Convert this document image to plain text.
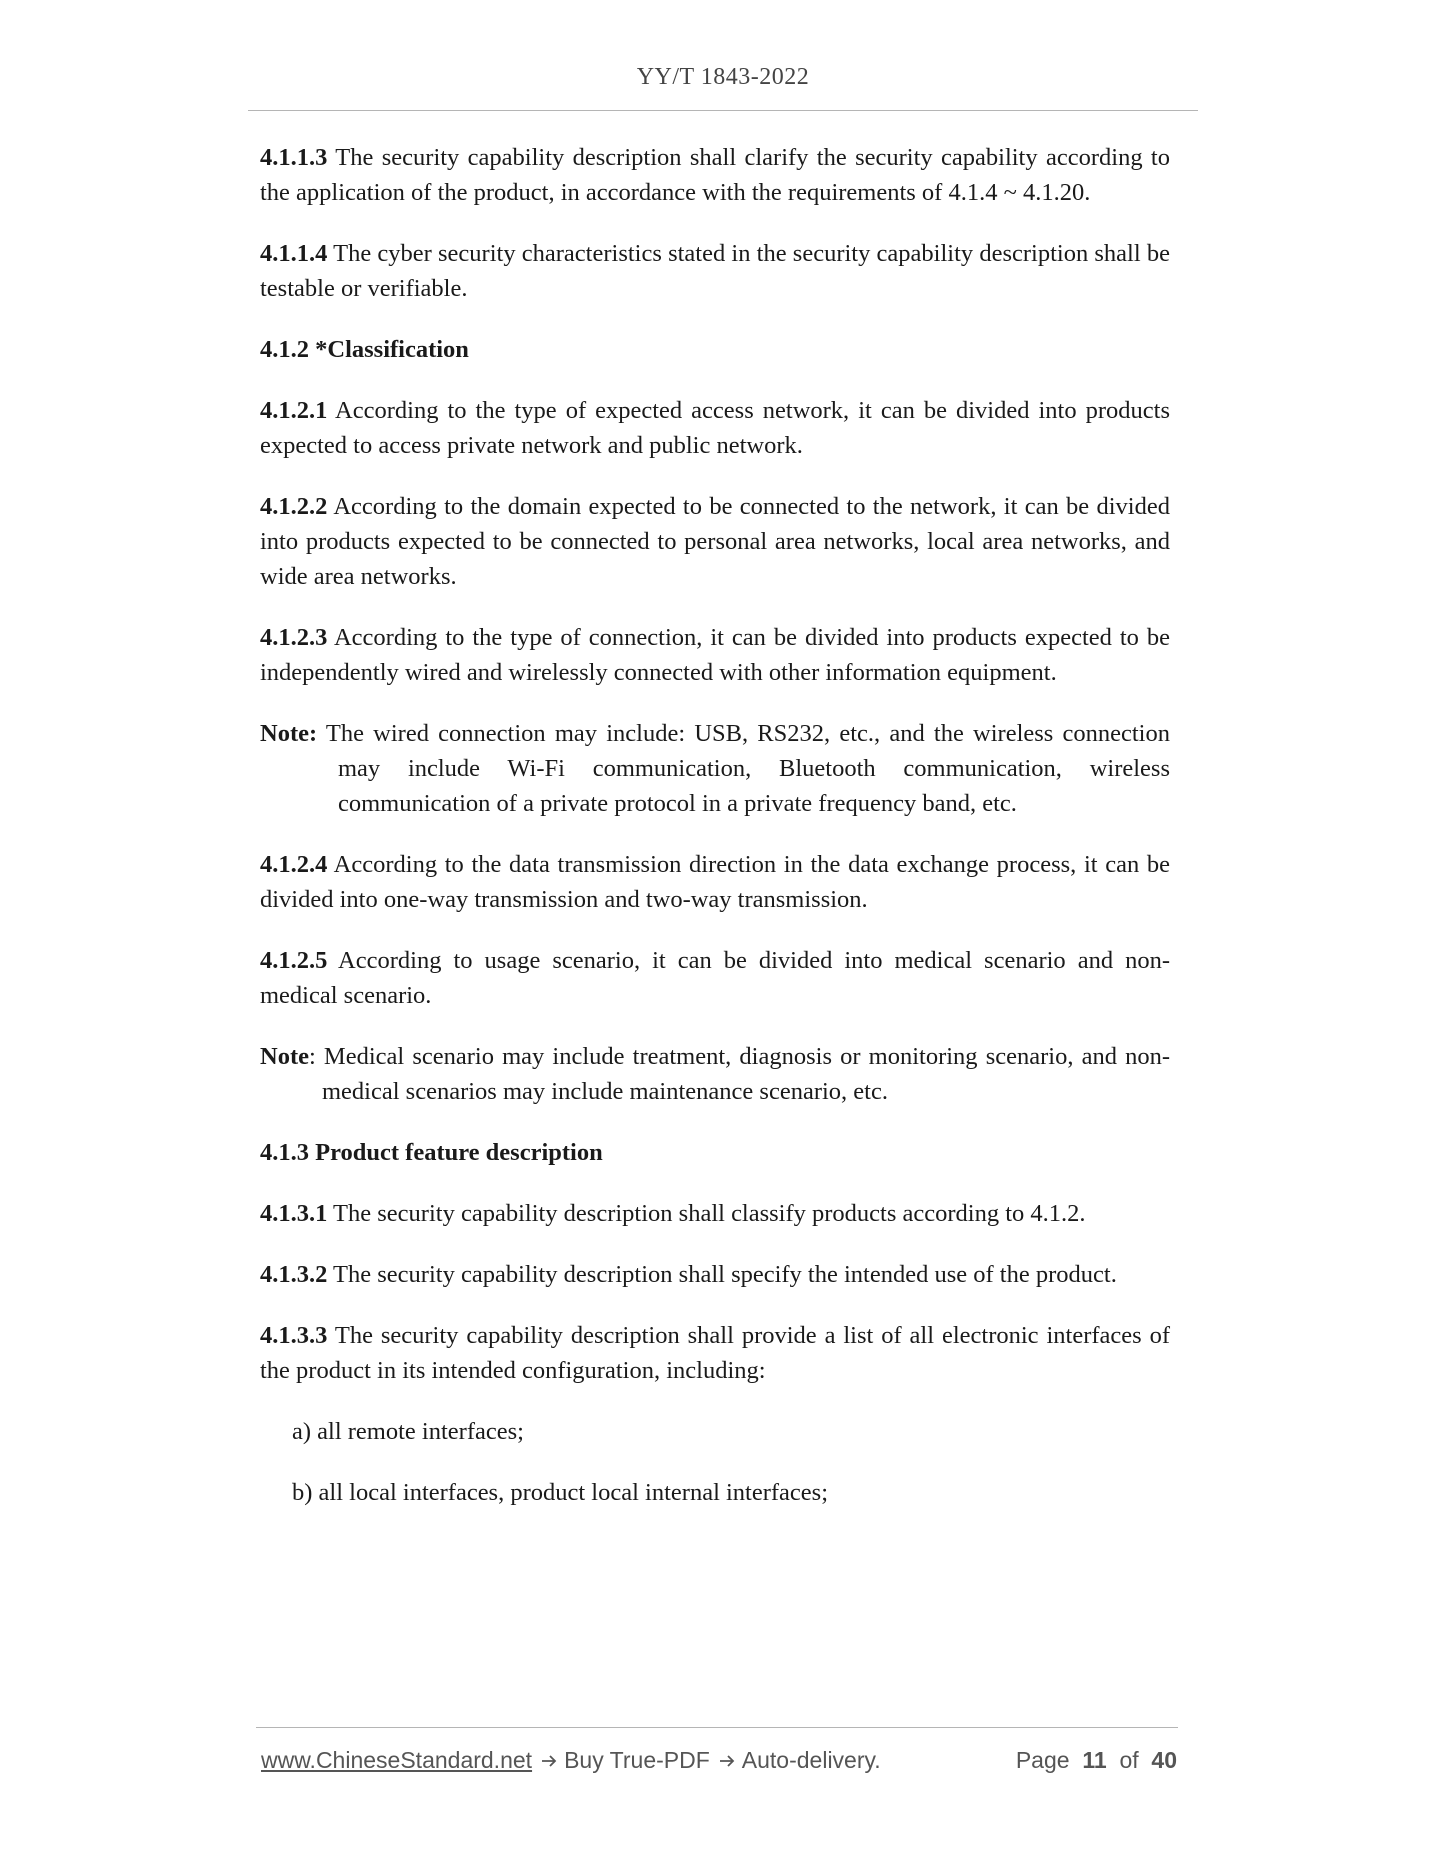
YY/T 1843-2022

4.1.1.3 The security capability description shall clarify the security capability according to the application of the product, in accordance with the requirements of 4.1.4 ~ 4.1.20.

4.1.1.4 The cyber security characteristics stated in the security capability description shall be testable or verifiable.

4.1.2 *Classification

4.1.2.1 According to the type of expected access network, it can be divided into products expected to access private network and public network.

4.1.2.2 According to the domain expected to be connected to the network, it can be divided into products expected to be connected to personal area networks, local area networks, and wide area networks.

4.1.2.3 According to the type of connection, it can be divided into products expected to be independently wired and wirelessly connected with other information equipment.

Note: The wired connection may include: USB, RS232, etc., and the wireless connection may include Wi-Fi communication, Bluetooth communication, wireless communication of a private protocol in a private frequency band, etc.

4.1.2.4 According to the data transmission direction in the data exchange process, it can be divided into one-way transmission and two-way transmission.

4.1.2.5 According to usage scenario, it can be divided into medical scenario and non-medical scenario.

Note: Medical scenario may include treatment, diagnosis or monitoring scenario, and non-medical scenarios may include maintenance scenario, etc.

4.1.3 Product feature description

4.1.3.1 The security capability description shall classify products according to 4.1.2.

4.1.3.2 The security capability description shall specify the intended use of the product.

4.1.3.3 The security capability description shall provide a list of all electronic interfaces of the product in its intended configuration, including:

a) all remote interfaces;

b) all local interfaces, product local internal interfaces;

www.ChineseStandard.net Buy True-PDF Auto-delivery.	Page 11 of 40
